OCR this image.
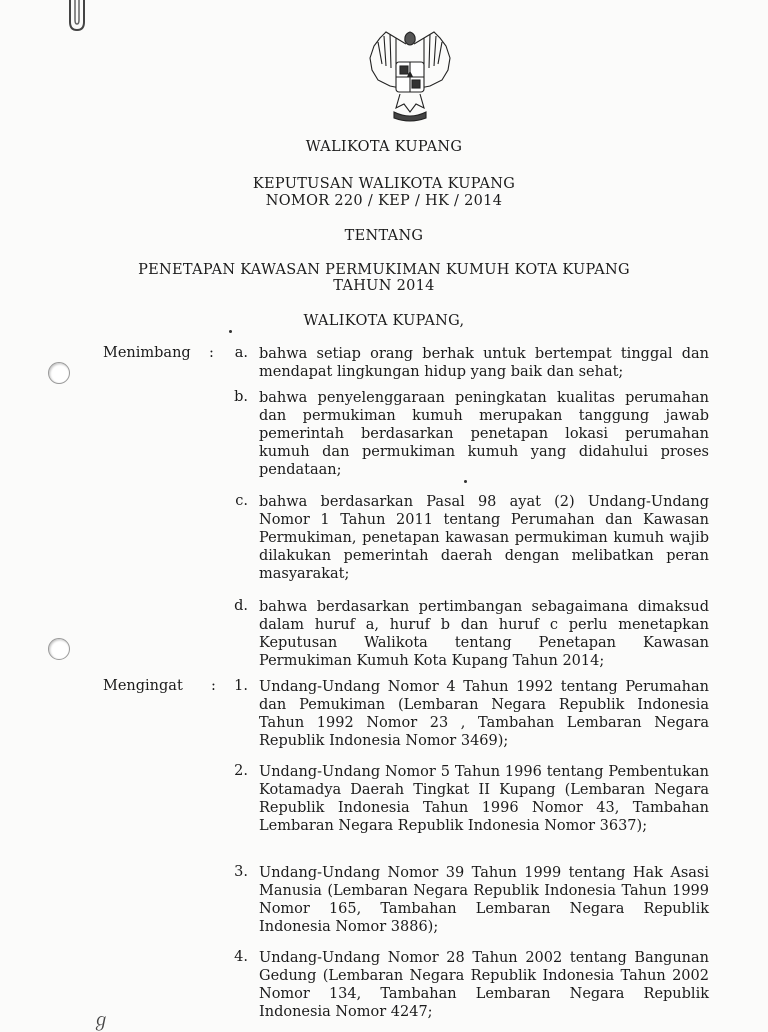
WALIKOTA KUPANG
KEPUTUSAN WALIKOTA KUPANG
NOMOR 220 / KEP / HK / 2014
TENTANG
PENETAPAN KAWASAN PERMUKIMAN KUMUH KOTA KUPANG
TAHUN 2014
WALIKOTA KUPANG,
Menimbang :	a. bahwa setiap orang berhak untuk bertempat tinggal dan mendapat lingkungan hidup yang baik dan sehat;
b. bahwa penyelenggaraan peningkatan kualitas perumahan dan permukiman kumuh merupakan tanggung jawab pemerintah berdasarkan penetapan lokasi perumahan kumuh dan permukiman kumuh yang didahului proses pendataan;
c. bahwa berdasarkan Pasal 98 ayat (2) Undang-Undang Nomor 1 Tahun 2011 tentang Perumahan dan Kawasan Permukiman, penetapan kawasan permukiman kumuh wajib dilakukan pemerintah daerah dengan melibatkan peran masyarakat;
d. bahwa berdasarkan pertimbangan sebagaimana dimaksud dalam huruf a, huruf b dan huruf c perlu menetapkan Keputusan Walikota tentang Penetapan Kawasan Permukiman Kumuh Kota Kupang Tahun 2014;
Mengingat :	1. Undang-Undang Nomor 4 Tahun 1992 tentang Perumahan dan Pemukiman (Lembaran Negara Republik Indonesia Tahun 1992 Nomor 23 , Tambahan Lembaran Negara Republik Indonesia Nomor 3469);
2. Undang-Undang Nomor 5 Tahun 1996 tentang Pembentukan Kotamadya Daerah Tingkat II Kupang (Lembaran Negara Republik Indonesia Tahun 1996 Nomor 43, Tambahan Lembaran Negara Republik Indonesia Nomor 3637);
3. Undang-Undang Nomor 39 Tahun 1999 tentang Hak Asasi Manusia (Lembaran Negara Republik Indonesia Tahun 1999 Nomor 165, Tambahan Lembaran Negara Republik Indonesia Nomor 3886);
4. Undang-Undang Nomor 28 Tahun 2002 tentang Bangunan Gedung (Lembaran Negara Republik Indonesia Tahun 2002 Nomor 134, Tambahan Lembaran Negara Republik Indonesia Nomor 4247;
ℊ
